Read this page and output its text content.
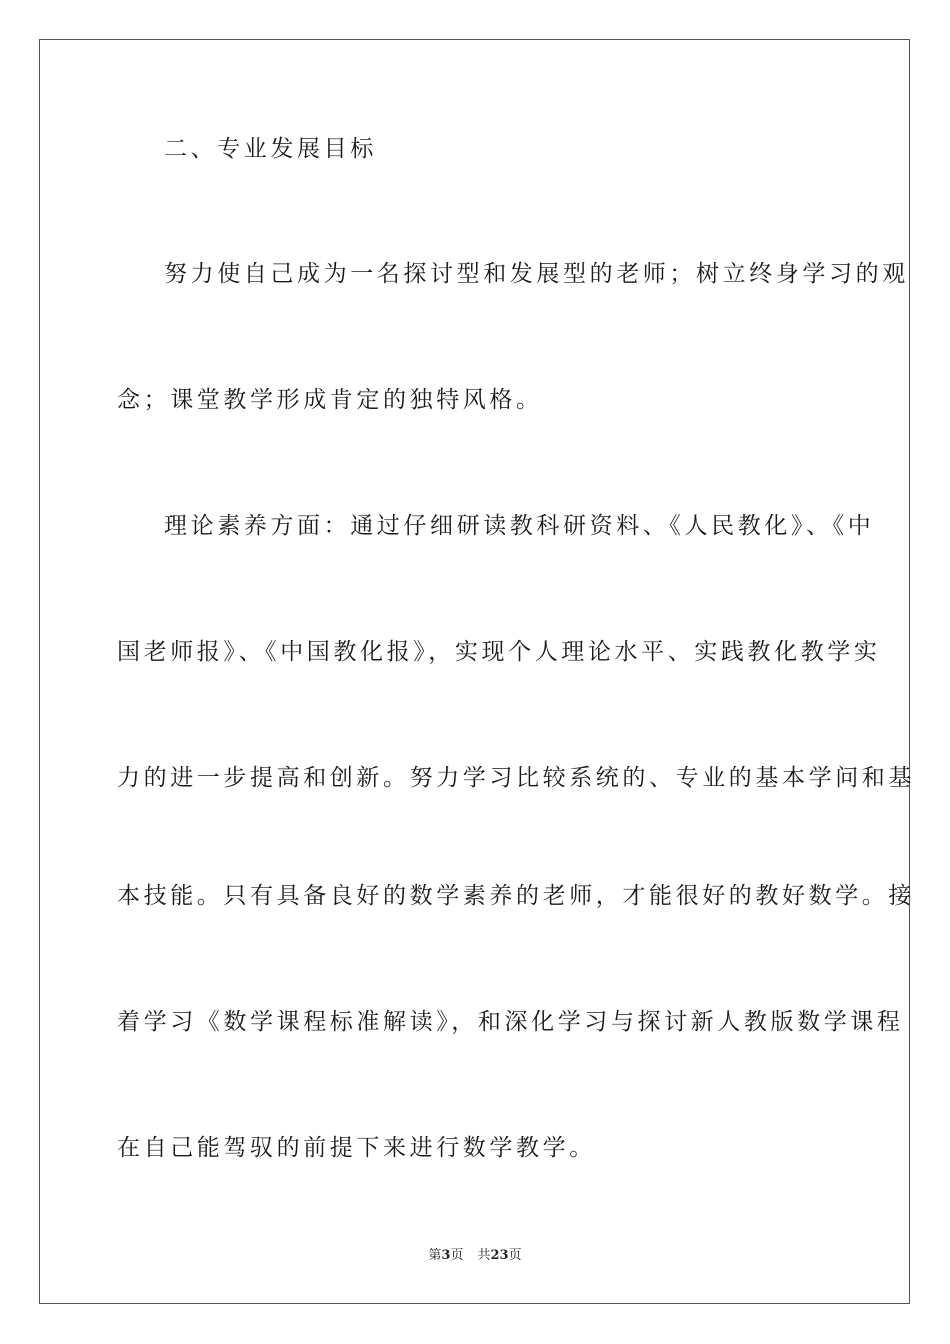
二、专业发展目标
努力使自己成为一名探讨型和发展型的老师；树立终身学习的观
念；课堂教学形成肯定的独特风格。
理论素养方面：通过仔细研读教科研资料、《人民教化》、《中
国老师报》、《中国教化报》，实现个人理论水平、实践教化教学实
力的进一步提高和创新。努力学习比较系统的、专业的基本学问和基
本技能。只有具备良好的数学素养的老师，才能很好的教好数学。接
着学习《数学课程标准解读》，和深化学习与探讨新人教版数学课程
在自己能驾驭的前提下来进行数学教学。
第3页 共23页
